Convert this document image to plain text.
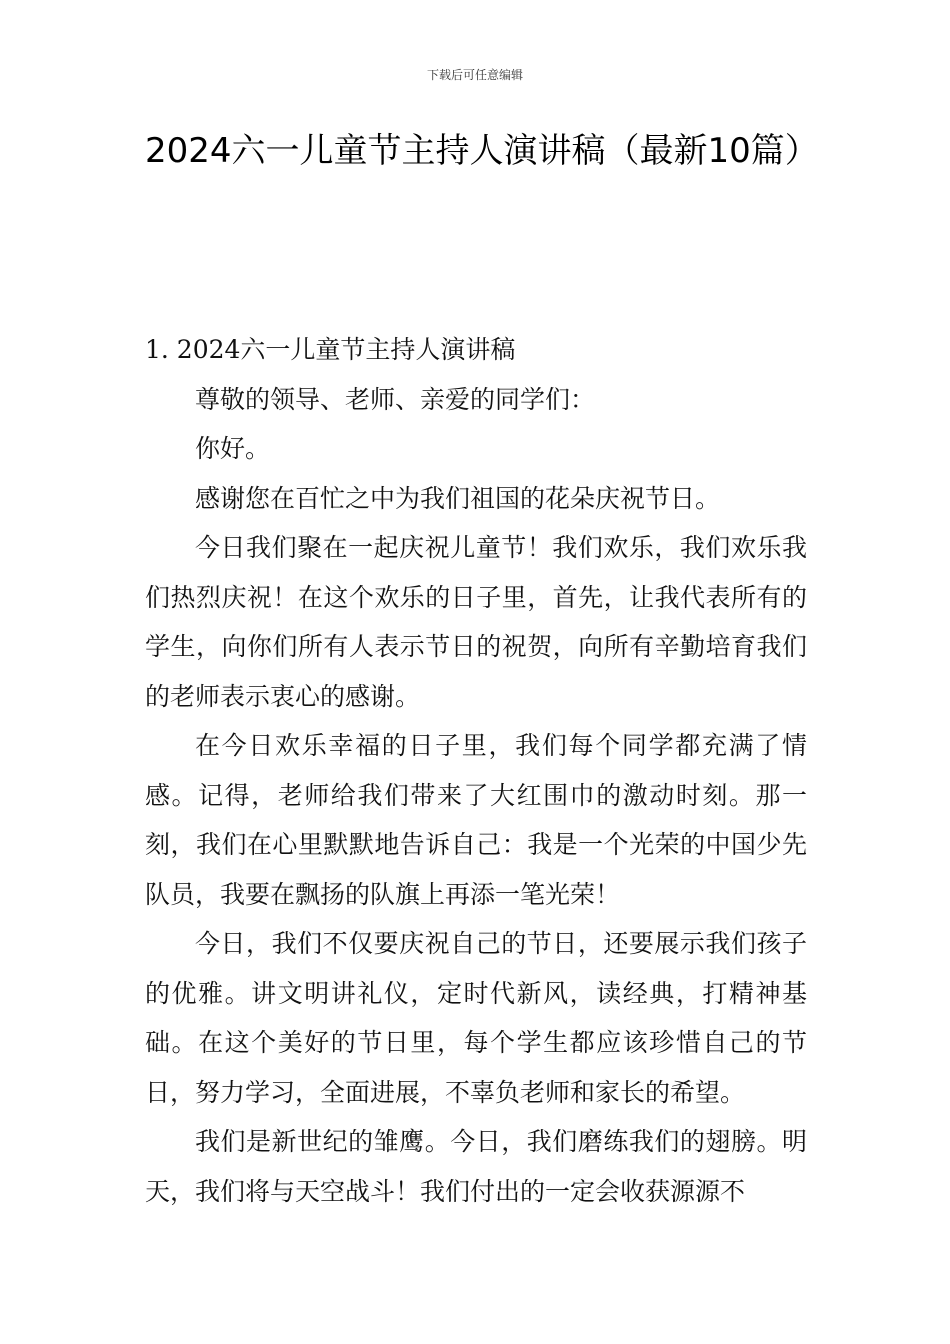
下载后可任意编辑
2024六一儿童节主持人演讲稿（最新10篇）
1. 2024六一儿童节主持人演讲稿

尊敬的领导、老师、亲爱的同学们：

你好。

感谢您在百忙之中为我们祖国的花朵庆祝节日。

今日我们聚在一起庆祝儿童节！我们欢乐，我们欢乐我们热烈庆祝！在这个欢乐的日子里，首先，让我代表所有的学生，向你们所有人表示节日的祝贺，向所有辛勤培育我们的老师表示衷心的感谢。

在今日欢乐幸福的日子里，我们每个同学都充满了情感。记得，老师给我们带来了大红围巾的激动时刻。那一刻，我们在心里默默地告诉自己：我是一个光荣的中国少先队员，我要在飘扬的队旗上再添一笔光荣！

今日，我们不仅要庆祝自己的节日，还要展示我们孩子的优雅。讲文明讲礼仪，定时代新风，读经典，打精神基础。在这个美好的节日里，每个学生都应该珍惜自己的节日，努力学习，全面进展，不辜负老师和家长的希望。

我们是新世纪的雏鹰。今日，我们磨练我们的翅膀。明天，我们将与天空战斗！我们付出的一定会收获源源不
